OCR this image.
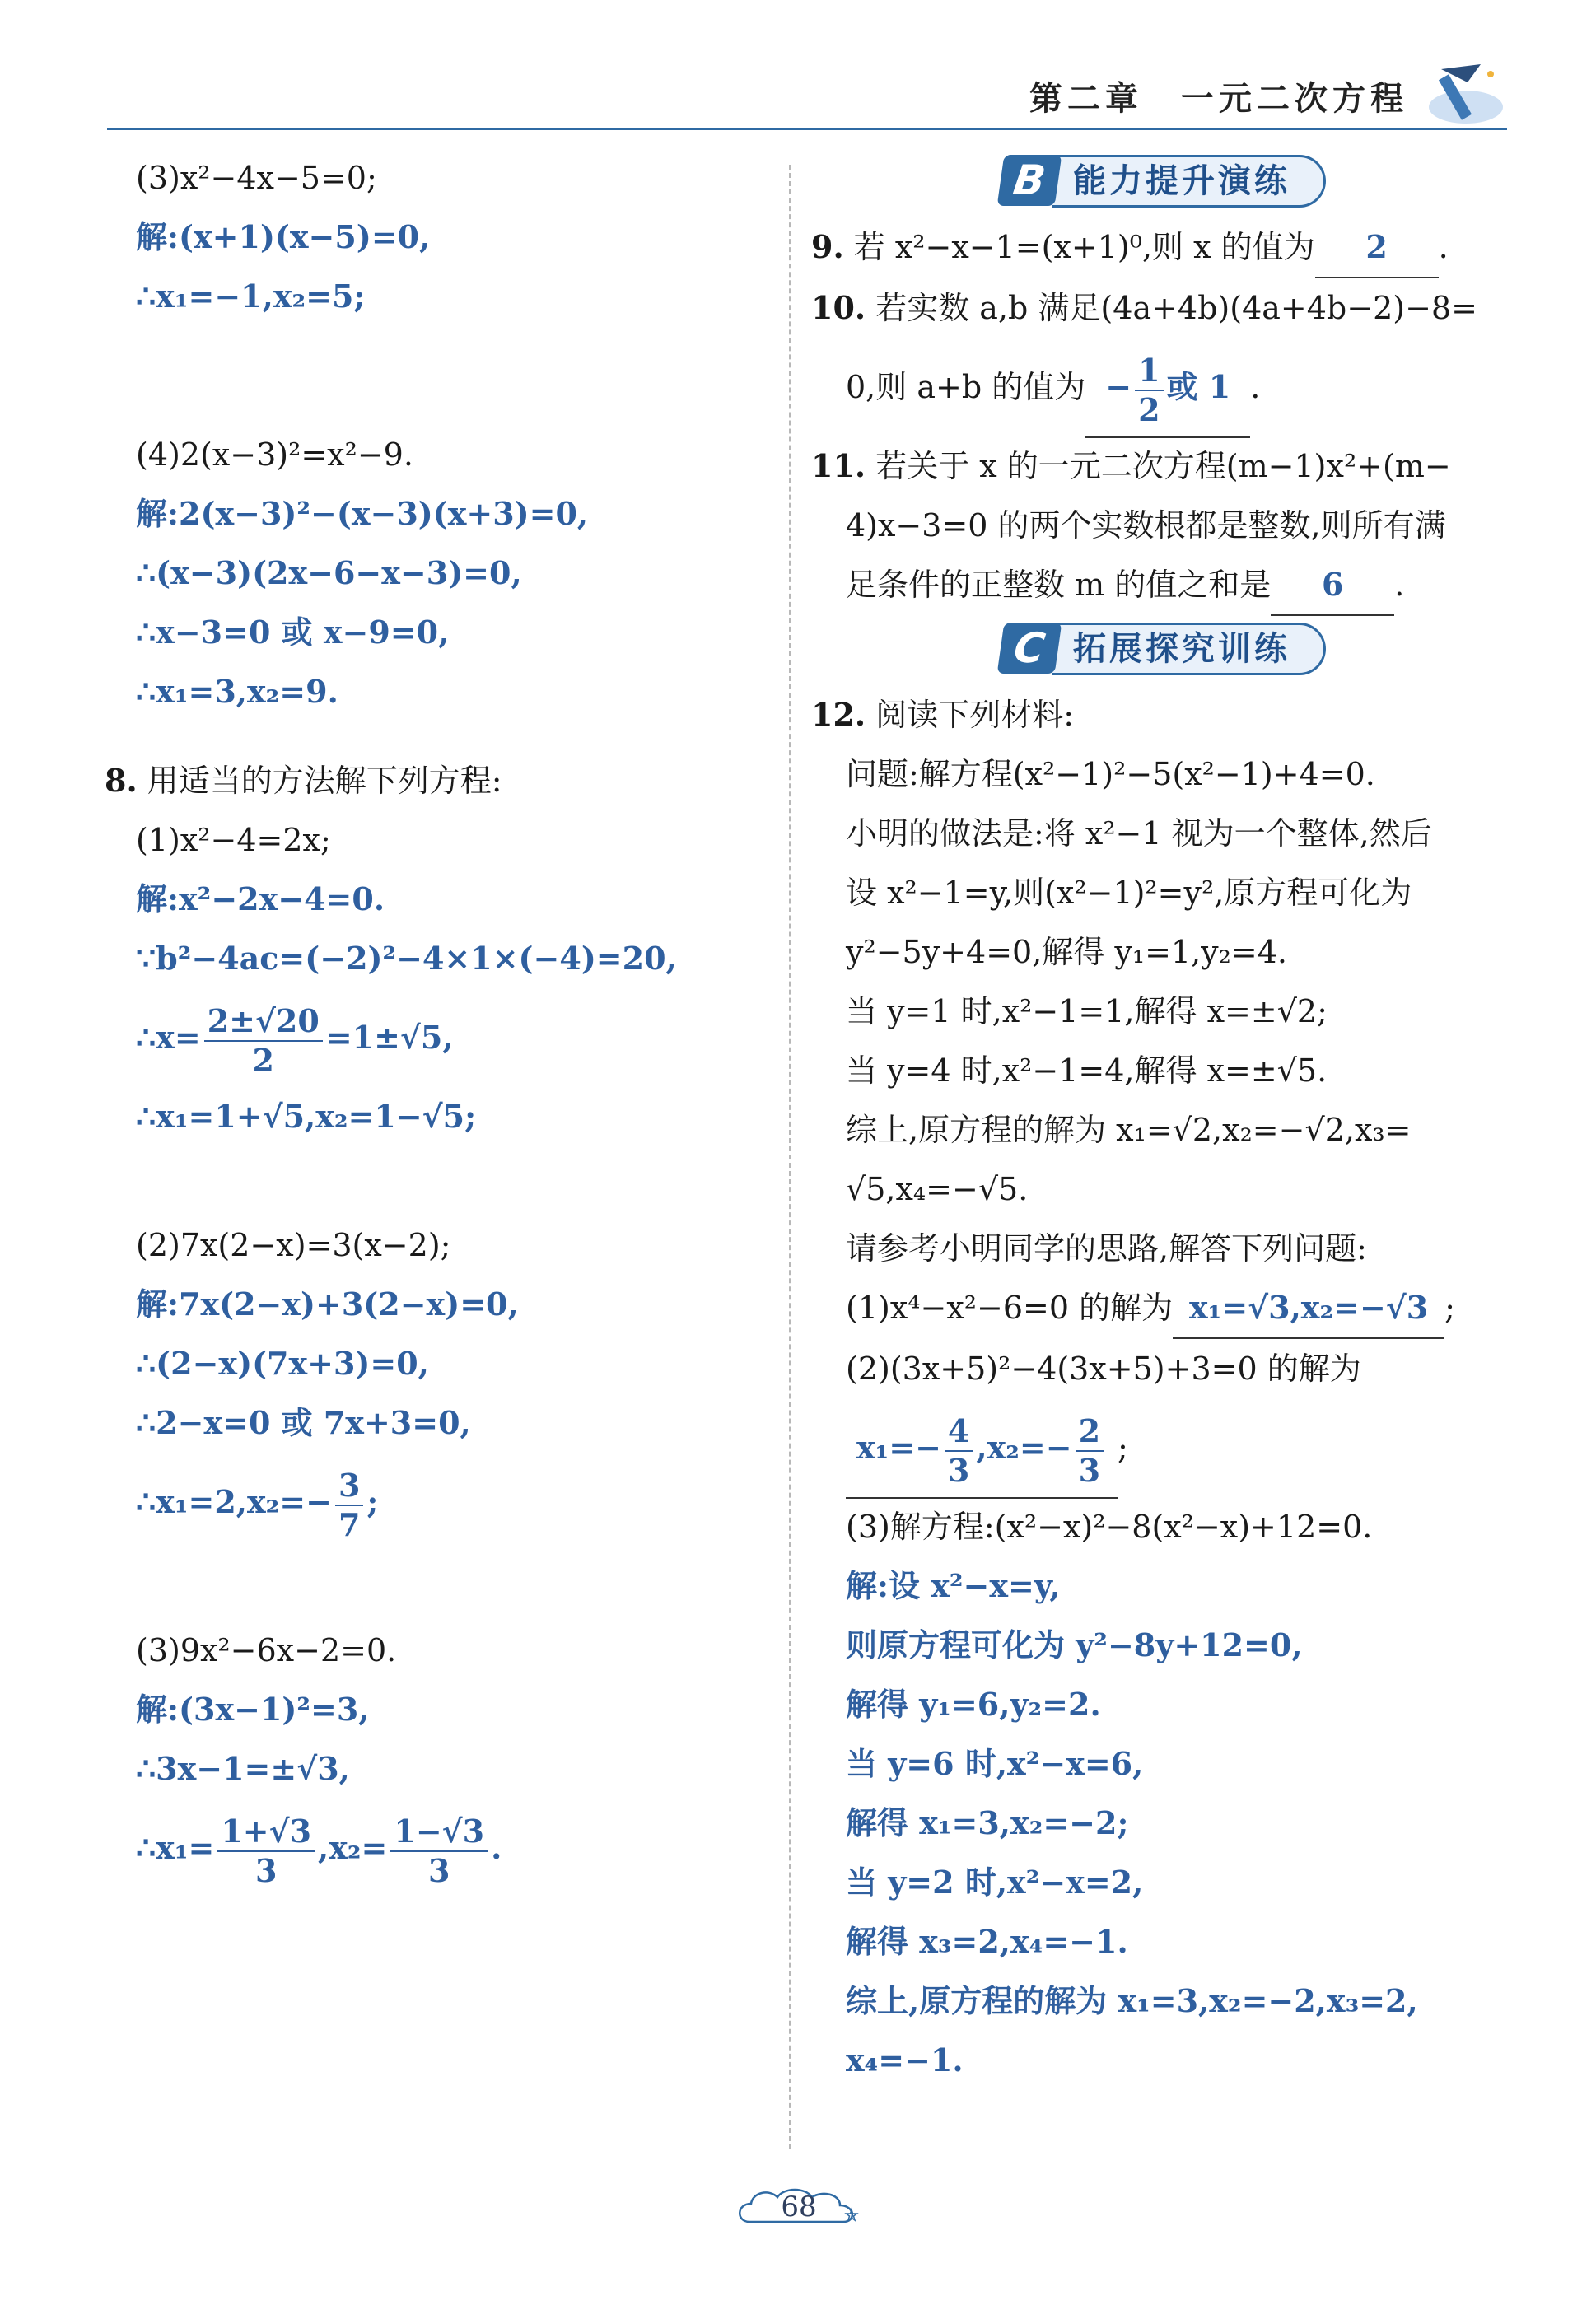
第二章　一元二次方程
(3)x²−4x−5=0;
解:(x+1)(x−5)=0,
∴x₁=−1,x₂=5;
(4)2(x−3)²=x²−9.
解:2(x−3)²−(x−3)(x+3)=0,
∴(x−3)(2x−6−x−3)=0,
∴x−3=0 或 x−9=0,
∴x₁=3,x₂=9.
8. 用适当的方法解下列方程:
(1)x²−4=2x;
解:x²−2x−4=0.
∵b²−4ac=(−2)²−4×1×(−4)=20,
∴x= $\frac{2\pm√20}{2} =1\pm√5$,
∴x₁=1+√5,x₂=1−√5;
(2)7x(2−x)=3(x−2);
解:7x(2−x)+3(2−x)=0,
∴(2−x)(7x+3)=0,
∴2−x=0 或 7x+3=0,
∴x₁=2,x₂=− $\frac{3}{7}$ ;
(3)9x²−6x−2=0.
解:(3x−1)²=3,
∴3x−1=±√3,
∴x₁= $\frac{1+√3}{3} ,x_2= \frac{1-√3}{3}$ .
能力提升演练
B
9. 若 x²−x−1=(x+1)⁰,则 x 的值为 2 .
10. 若实数 a,b 满足(4a+4b)(4a+4b−2)−8=
0,则 a+b 的值为 − $\frac{1}{2}$ 或 1 .
11. 若关于 x 的一元二次方程(m−1)x²+(m−
4)x−3=0 的两个实数根都是整数,则所有满
足条件的正整数 m 的值之和是 6 .
拓展探究训练
C
12. 阅读下列材料:
问题:解方程(x²−1)²−5(x²−1)+4=0.
小明的做法是:将 x²−1 视为一个整体,然后
设 x²−1=y,则(x²−1)²=y²,原方程可化为
y²−5y+4=0,解得 y₁=1,y₂=4.
当 y=1 时,x²−1=1,解得 x=±√2;
当 y=4 时,x²−1=4,解得 x=±√5.
综上,原方程的解为 x₁=√2,x₂=−√2,x₃=
√5,x₄=−√5.
请参考小明同学的思路,解答下列问题:
(1)x⁴−x²−6=0 的解为 x₁=√3,x₂=−√3 ;
(2)(3x+5)²−4(3x+5)+3=0 的解为
$x_1=- \frac{4}{3} ,x_2=- \frac{2}{3}$ ;
(3)解方程:(x²−x)²−8(x²−x)+12=0.
解:设 x²−x=y,
则原方程可化为 y²−8y+12=0,
解得 y₁=6,y₂=2.
当 y=6 时,x²−x=6,
解得 x₁=3,x₂=−2;
当 y=2 时,x²−x=2,
解得 x₃=2,x₄=−1.
综上,原方程的解为 x₁=3,x₂=−2,x₃=2,
x₄=−1.
68
